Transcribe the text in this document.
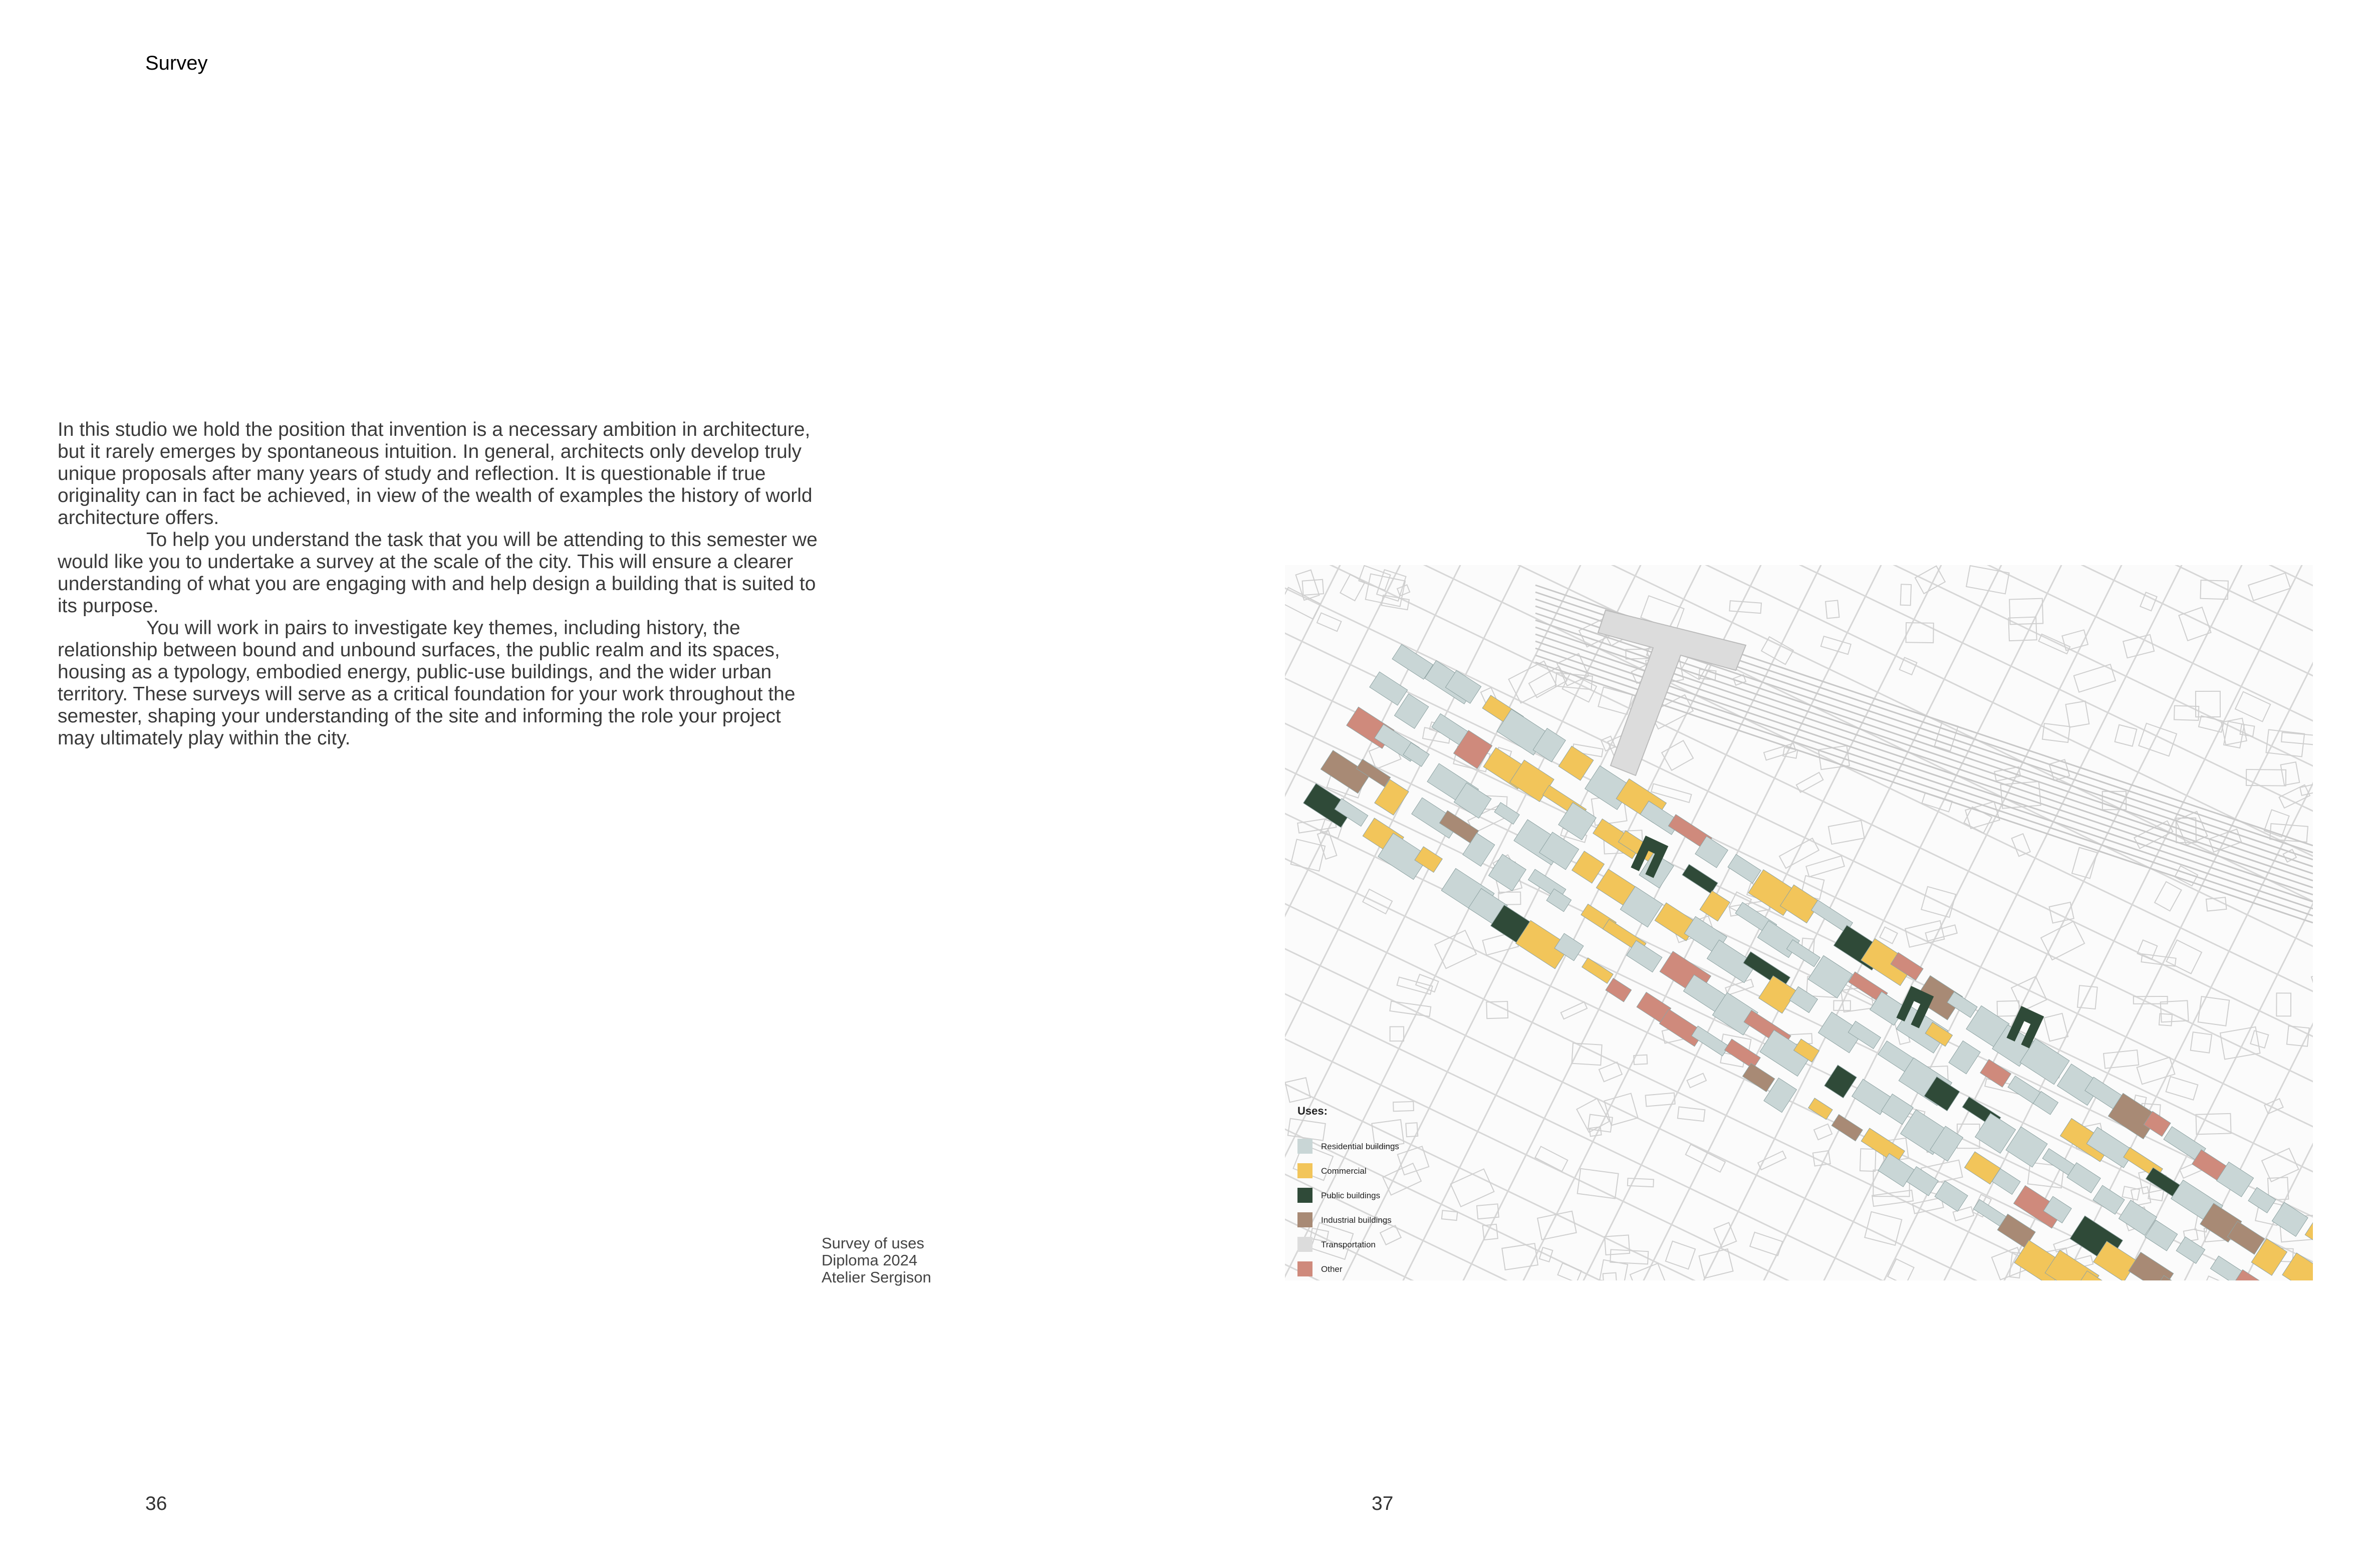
Survey

In this studio we hold the position that invention is a necessary ambition in architecture, but it rarely emerges by spontaneous intuition. In general, architects only develop truly unique proposals after many years of study and reflection. It is questionable if true originality can in fact be achieved, in view of the wealth of examples the history of world architecture offers.

To help you understand the task that you will be attending to this semester we would like you to undertake a survey at the scale of the city. This will ensure a clearer understanding of what you are engaging with and help design a building that is suited to its purpose.

You will work in pairs to investigate key themes, including history, the relationship between bound and unbound surfaces, the public realm and its spaces, housing as a typology, embodied energy, public-use buildings, and the wider urban territory. These surveys will serve as a critical foundation for your work throughout the semester, shaping your understanding of the site and informing the role your project may ultimately play within the city.

Survey of uses
Diploma 2024
Atelier Sergison
Uses:
Residential buildings
Commercial
Public buildings
Industrial buildings
Transportation
Other
36	37
